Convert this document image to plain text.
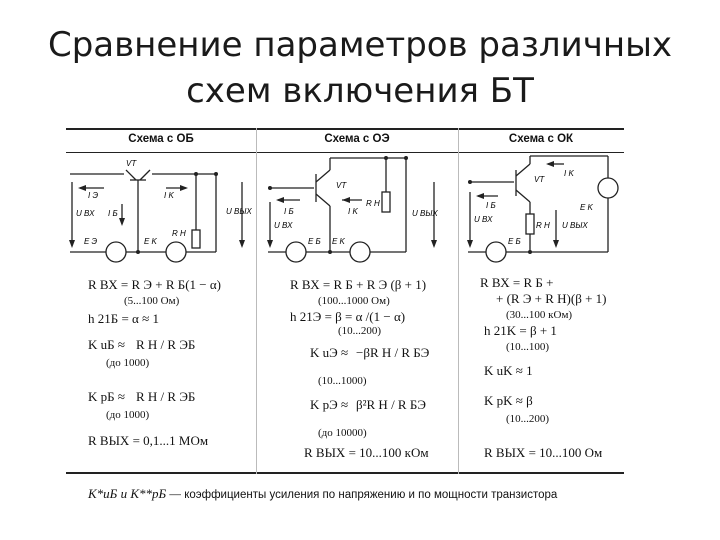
Сравнение параметров различных
схем включения БТ
Схема с ОБ	Схема с ОЭ	Схема с ОК
VT
I Э	I K
I Б
R Н
U ВХ	U ВЫХ
E Э	E K
VT
I Б	I K
R Н
U ВХ
U ВЫХ
E Б E K
VT
I Б
I K
R Н
U ВХ
U ВЫХ
E Б
E K
R ВХ = R Э + R Б(1 − α)
(5...100 Ом)
h 21Б = α ≈ 1
K uБ ≈ R Н / R ЭБ
(до 1000)
K pБ ≈ R Н / R ЭБ
(до 1000)
R ВЫХ = 0,1...1 МОм
R ВХ = R Б + R Э (β + 1)
(100...1000 Ом)
h 21Э = β = α /(1 − α)
(10...200)
K uЭ ≈ −βR Н / R БЭ
(10...1000)
K pЭ ≈ β²R Н / R БЭ
(до 10000)
R ВЫХ = 10...100 кОм
R ВХ = R Б +
+ (R Э + R Н)(β + 1)
(30...100 кОм)
h 21K = β + 1
(10...100)
K uK ≈ 1
K pK ≈ β
(10...200)
R ВЫХ = 10...100 Ом
K*uБ и K**pБ — коэффициенты усиления по напряжению и по мощности транзистора
